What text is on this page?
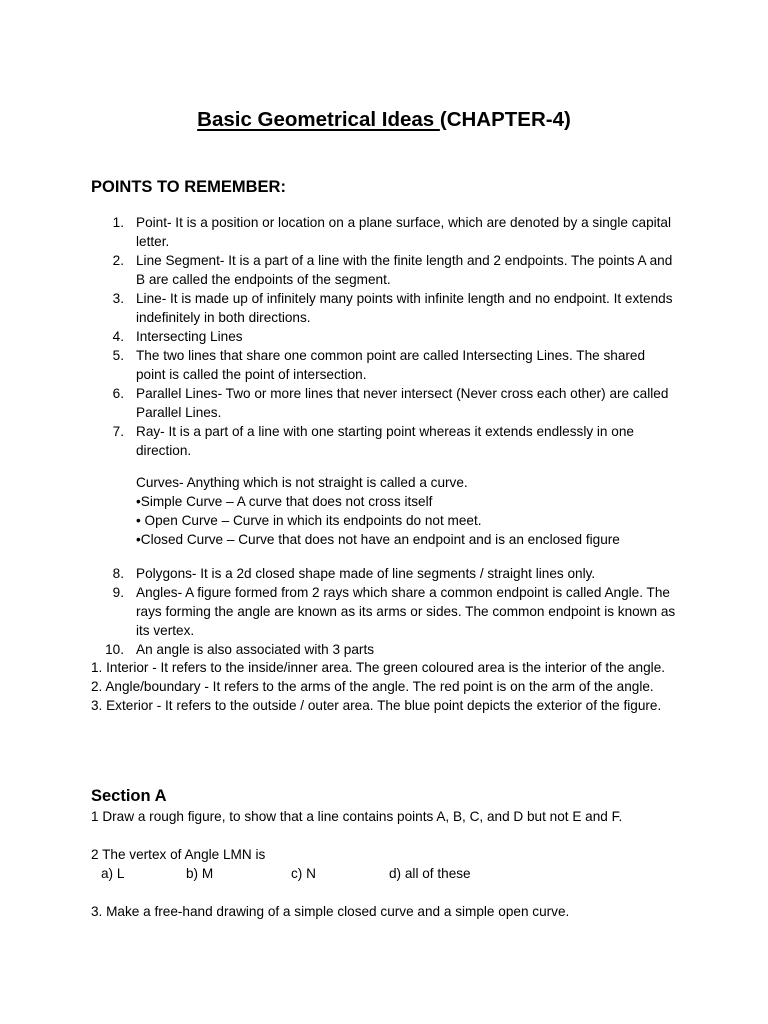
Basic Geometrical Ideas (CHAPTER-4)
POINTS TO REMEMBER:
1. Point- It is a position or location on a plane surface, which are denoted by a single capital letter.
2. Line Segment- It is a part of a line with the finite length and 2 endpoints. The points A and B are called the endpoints of the segment.
3. Line- It is made up of infinitely many points with infinite length and no endpoint. It extends indefinitely in both directions.
4. Intersecting Lines
5. The two lines that share one common point are called Intersecting Lines. The shared point is called the point of intersection.
6. Parallel Lines- Two or more lines that never intersect (Never cross each other) are called Parallel Lines.
7. Ray- It is a part of a line with one starting point whereas it extends endlessly in one direction.
Curves- Anything which is not straight is called a curve.
•Simple Curve – A curve that does not cross itself
• Open Curve – Curve in which its endpoints do not meet.
•Closed Curve – Curve that does not have an endpoint and is an enclosed figure
8. Polygons- It is a 2d closed shape made of line segments / straight lines only.
9. Angles- A figure formed from 2 rays which share a common endpoint is called Angle. The rays forming the angle are known as its arms or sides. The common endpoint is known as its vertex.
10. An angle is also associated with 3 parts
1. Interior - It refers to the inside/inner area. The green coloured area is the interior of the angle.
2. Angle/boundary - It refers to the arms of the angle. The red point is on the arm of the angle.
3. Exterior - It refers to the outside / outer area. The blue point depicts the exterior of the figure.
Section A
1 Draw a rough figure, to show that a line contains points A, B, C, and D but not E and F.
2 The vertex of Angle LMN is
a) L	b) M	c) N	d) all of these
3. Make a free-hand drawing of a simple closed curve and a simple open curve.
